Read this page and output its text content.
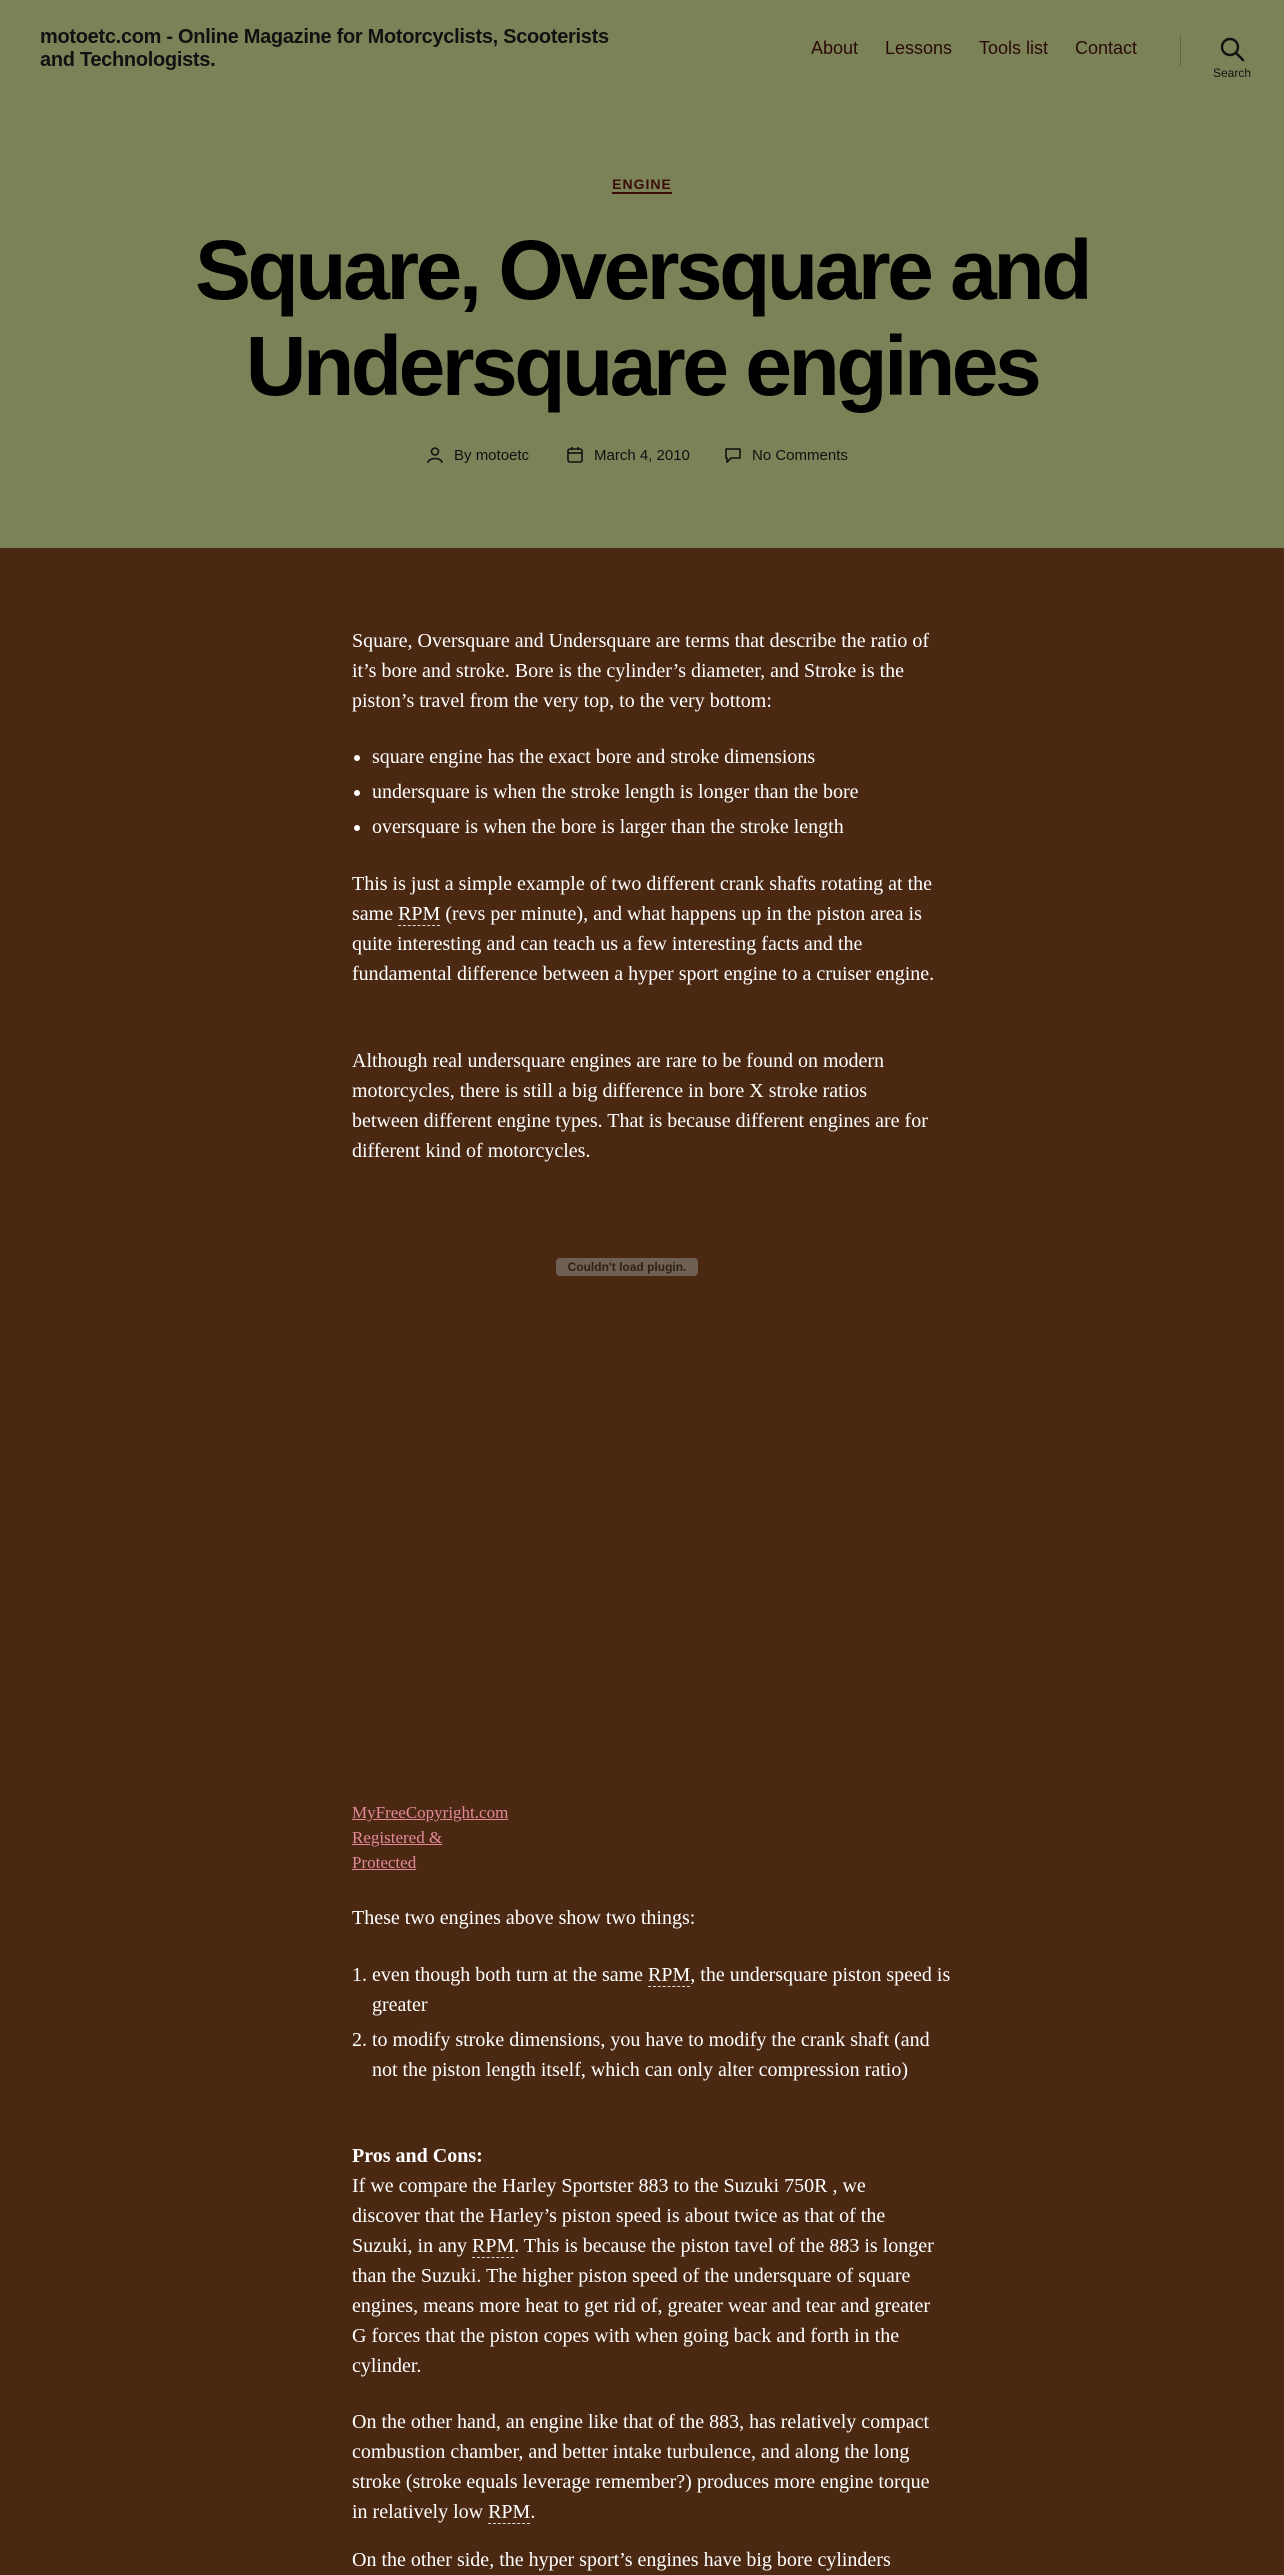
motoetc.com - Online Magazine for Motorcyclists, Scooterists and Technologists.
About Lessons Tools list Contact
Search
ENGINE
Square, Oversquare and Undersquare engines
By
motoetc	March 4, 2010	No Comments

Square, Oversquare and Undersquare are terms that describe the ratio of it’s bore and stroke. Bore is the cylinder’s diameter, and Stroke is the piston’s travel from the very top, to the very bottom:

• square engine has the exact bore and stroke dimensions
• undersquare is when the stroke length is longer than the bore
• oversquare is when the bore is larger than the stroke length

This is just a simple example of two different crank shafts rotating at the same RPM (revs per minute), and what happens up in the piston area is quite interesting and can teach us a few interesting facts and the fundamental difference between a hyper sport engine to a cruiser engine.

Although real undersquare engines are rare to be found on modern motorcycles, there is still a big difference in bore X stroke ratios between different engine types. That is because different engines are for different kind of motorcycles.

Couldn't load plugin.
MyFreeCopyright.com Registered & Protected

These two engines above show two things:

1. even though both turn at the same RPM, the undersquare piston speed is greater
2. to modify stroke dimensions, you have to modify the crank shaft (and not the piston length itself, which can only alter compression ratio)

Pros and Cons:

If we compare the Harley Sportster 883 to the Suzuki 750R , we discover that the Harley’s piston speed is about twice as that of the Suzuki, in any RPM. This is because the piston tavel of the 883 is longer than the Suzuki. The higher piston speed of the undersquare of square engines, means more heat to get rid of, greater wear and tear and greater G forces that the piston copes with when going back and forth in the cylinder.

On the other hand, an engine like that of the 883, has relatively compact combustion chamber, and better intake turbulence, and along the long stroke (stroke equals leverage remember?) produces more engine torque in relatively low RPM.

On the other side, the hyper sport’s engines have big bore cylinders
